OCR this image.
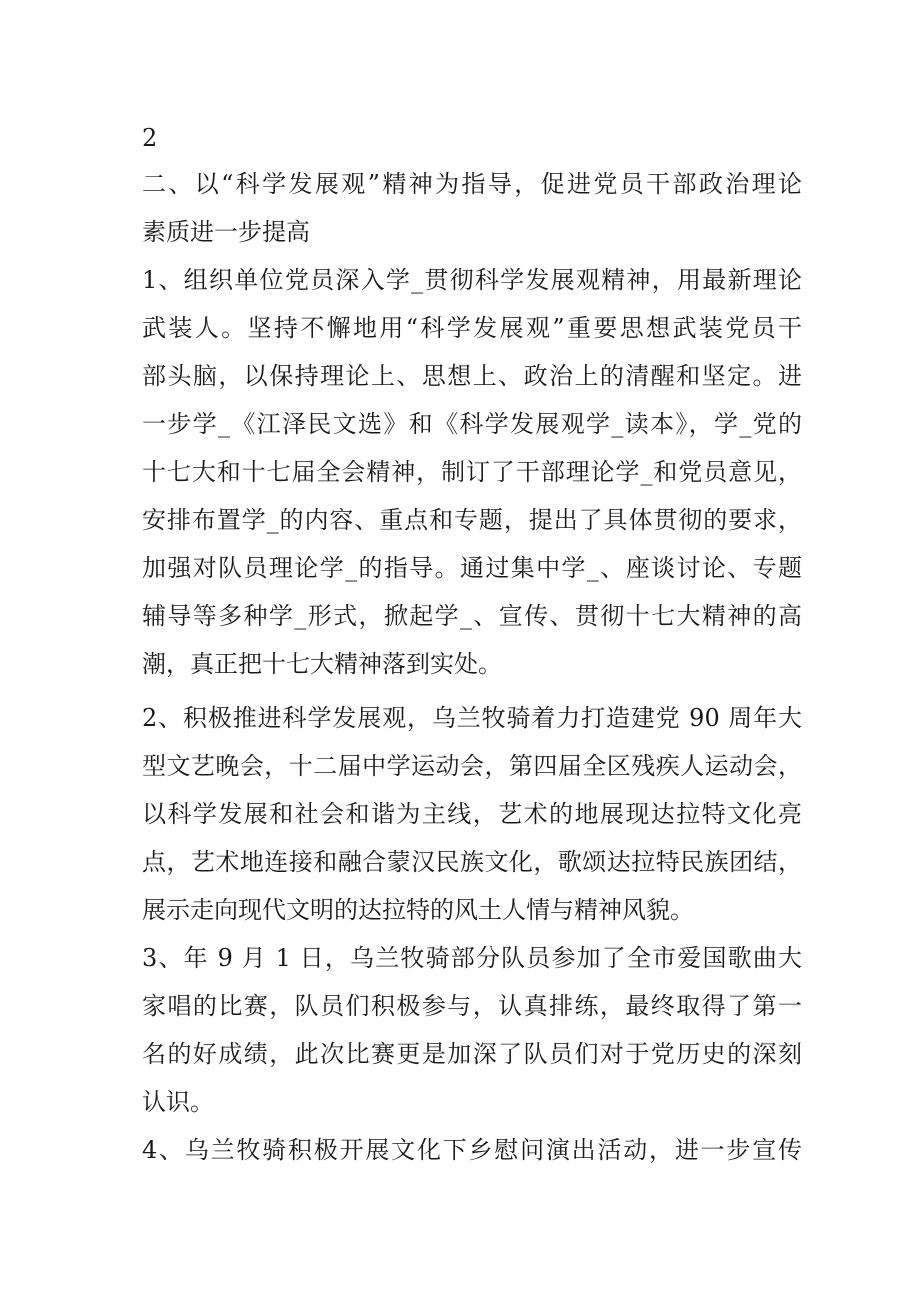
2
二、以“科学发展观”精神为指导，促进党员干部政治理论
素质进一步提高
1、组织单位党员深入学_贯彻科学发展观精神，用最新理论
武装人。坚持不懈地用“科学发展观”重要思想武装党员干
部头脑，以保持理论上、思想上、政治上的清醒和坚定。进
一步学_《江泽民文选》和《科学发展观学_读本》，学_党的
十七大和十七届全会精神，制订了干部理论学_和党员意见，
安排布置学_的内容、重点和专题，提出了具体贯彻的要求，
加强对队员理论学_的指导。通过集中学_、座谈讨论、专题
辅导等多种学_形式，掀起学_、宣传、贯彻十七大精神的高
潮，真正把十七大精神落到实处。
2、积极推进科学发展观，乌兰牧骑着力打造建党 90 周年大
型文艺晚会，十二届中学运动会，第四届全区残疾人运动会，
以科学发展和社会和谐为主线，艺术的地展现达拉特文化亮
点，艺术地连接和融合蒙汉民族文化，歌颂达拉特民族团结，
展示走向现代文明的达拉特的风土人情与精神风貌。
3、年 9 月 1 日，乌兰牧骑部分队员参加了全市爱国歌曲大
家唱的比赛，队员们积极参与，认真排练，最终取得了第一
名的好成绩，此次比赛更是加深了队员们对于党历史的深刻
认识。
4、乌兰牧骑积极开展文化下乡慰问演出活动，进一步宣传
